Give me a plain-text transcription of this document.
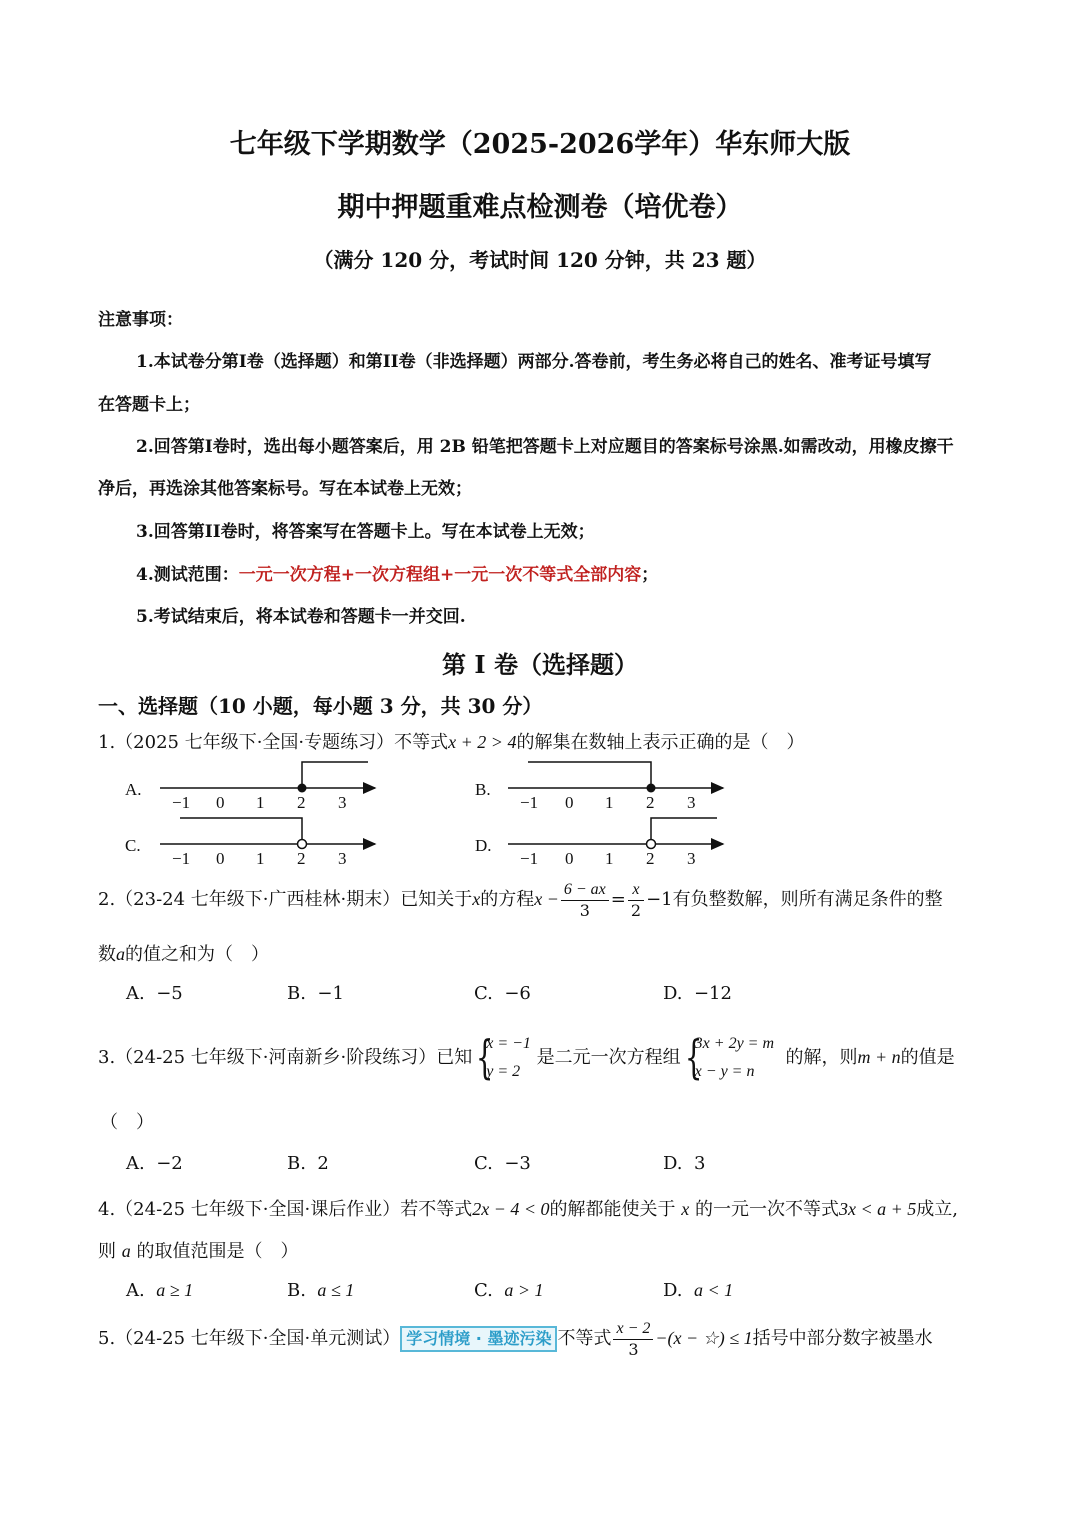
七年级下学期数学（2025-2026学年）华东师大版
期中押题重难点检测卷（培优卷）
（满分 120 分，考试时间 120 分钟，共 23 题）
注意事项：
1.本试卷分第I卷（选择题）和第II卷（非选择题）两部分.答卷前，考生务必将自己的姓名、准考证号填写
在答题卡上；
2.回答第I卷时，选出每小题答案后，用 2B 铅笔把答题卡上对应题目的答案标号涂黑.如需改动，用橡皮擦干
净后，再选涂其他答案标号。写在本试卷上无效；
3.回答第II卷时，将答案写在答题卡上。写在本试卷上无效；
4.测试范围：一元一次方程+一次方程组+一元一次不等式全部内容；
5.考试结束后，将本试卷和答题卡一并交回.
第 I 卷（选择题）
一、选择题（10 小题，每小题 3 分，共 30 分）
1.（2025 七年级下·全国·专题练习）不等式x + 2 > 4的解集在数轴上表示正确的是（　）
A.
−1 0 1 2 3
B.
−1 0 1 2 3
C.
−1 0 1 2 3
D.
−1 0 1 2 3
2.（23-24 七年级下·广西桂林·期末）已知关于x的方程$x - \frac{6 - ax}{3} = \frac{x}{2} -1$有负整数解，则所有满足条件的整
数a的值之和为（　）
A. −5	B. −1	C. −6	D. −12
3.（24-25 七年级下·河南新乡·阶段练习）已知 {
x = −1
y = 2
是二元一次方程组 {
3x + 2y = m
x − y = n
的解，则m + n的值是
（　）
A. −2	B. 2	C. −3	D. 3
4.（24-25 七年级下·全国·课后作业）若不等式2x − 4 < 0的解都能使关于 x 的一元一次不等式3x < a + 5成立,
则 a 的取值范围是（　）
A. a ≥ 1	B. a ≤ 1	C. a > 1	D. a < 1
5.（24-25 七年级下·全国·单元测试） 学习情境 · 墨迹污染 不等式 $\frac{x - 2}{3} -(x$ − ☆) ≤ 1括号中部分数字被墨水
